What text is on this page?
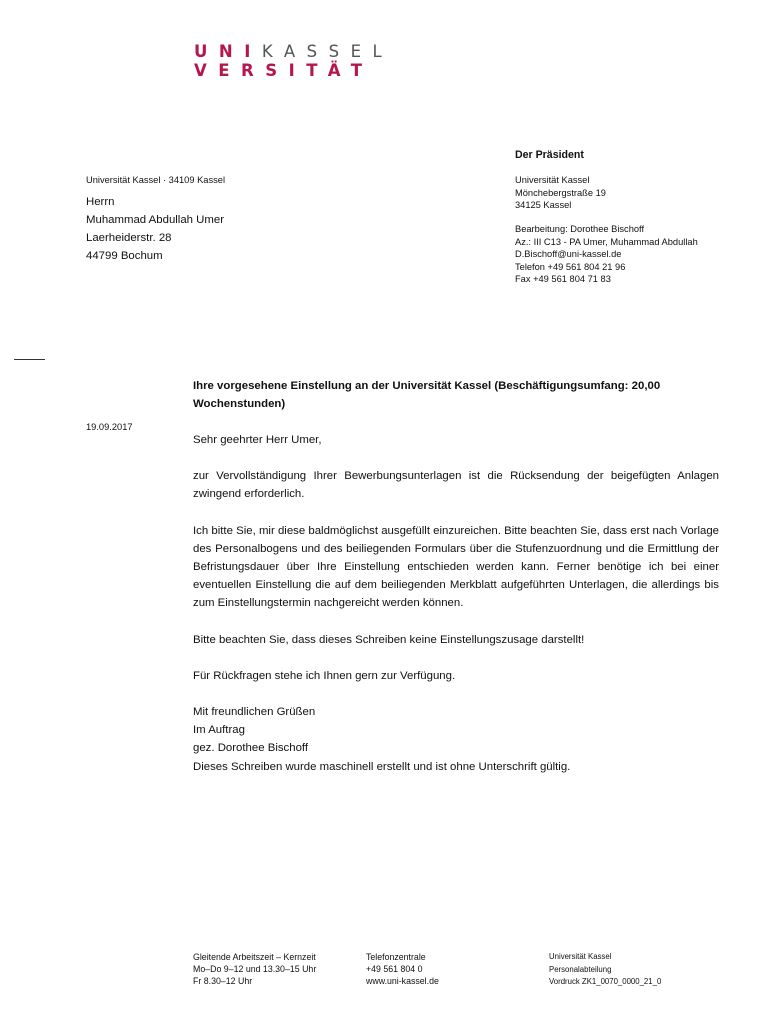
UNIKASSEL
VERSITÄT
Der Präsident
Universität Kassel
Mönchebergstraße 19
34125 Kassel
Bearbeitung: Dorothee Bischoff
Az.: III C13 - PA Umer, Muhammad Abdullah
D.Bischoff@uni-kassel.de
Telefon +49 561 804 21 96
Fax +49 561 804 71 83
Universität Kassel · 34109 Kassel
Herrn
Muhammad Abdullah Umer
Laerheiderstr. 28
44799 Bochum
19.09.2017
Ihre vorgesehene Einstellung an der Universität Kassel (Beschäftigungsumfang: 20,00 Wochenstunden)

Sehr geehrter Herr Umer,

zur Vervollständigung Ihrer Bewerbungsunterlagen ist die Rücksendung der beigefügten Anlagen zwingend erforderlich.

Ich bitte Sie, mir diese baldmöglichst ausgefüllt einzureichen. Bitte beachten Sie, dass erst nach Vorlage des Personalbogens und des beiliegenden Formulars über die Stufenzuordnung und die Ermittlung der Befristungsdauer über Ihre Einstellung entschieden werden kann. Ferner benötige ich bei einer eventuellen Einstellung die auf dem beiliegenden Merkblatt aufgeführten Unterlagen, die allerdings bis zum Einstellungstermin nachgereicht werden können.

Bitte beachten Sie, dass dieses Schreiben keine Einstellungszusage darstellt!

Für Rückfragen stehe ich Ihnen gern zur Verfügung.

Mit freundlichen Grüßen
Im Auftrag
gez. Dorothee Bischoff
Dieses Schreiben wurde maschinell erstellt und ist ohne Unterschrift gültig.
Gleitende Arbeitszeit – Kernzeit
Mo–Do 9–12 und 13.30–15 Uhr
Fr 8.30–12 Uhr
Telefonzentrale
+49 561 804 0
www.uni-kassel.de
Universität Kassel
Personalabteilung
Vordruck ZK1_0070_0000_21_0
